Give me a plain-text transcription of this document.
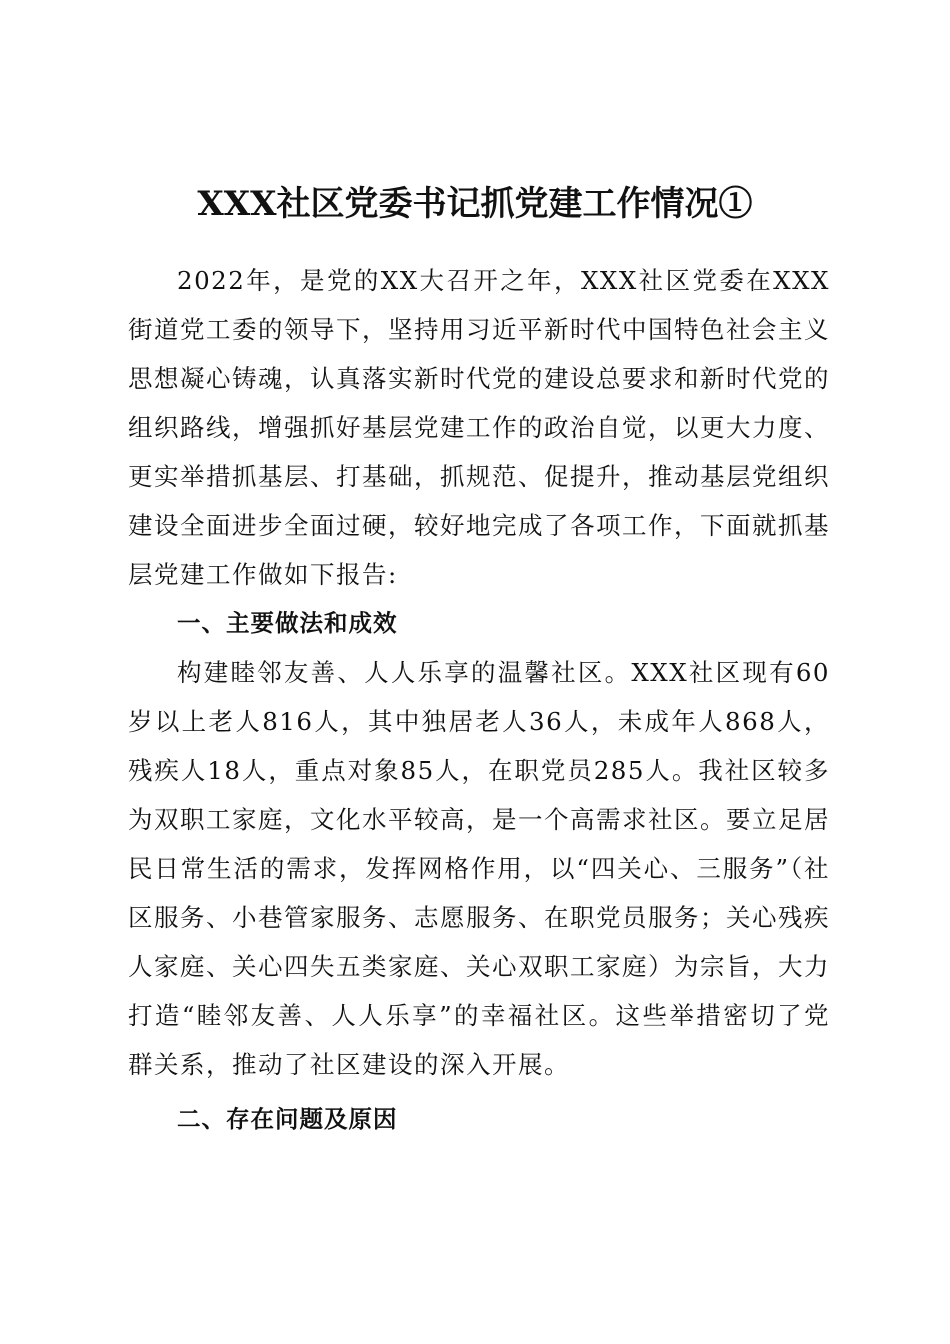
XXX社区党委书记抓党建工作情况①

2022年，是党的XX大召开之年，XXX社区党委在XXX街道党工委的领导下，坚持用习近平新时代中国特色社会主义思想凝心铸魂，认真落实新时代党的建设总要求和新时代党的组织路线，增强抓好基层党建工作的政治自觉，以更大力度、更实举措抓基层、打基础，抓规范、促提升，推动基层党组织建设全面进步全面过硬，较好地完成了各项工作，下面就抓基层党建工作做如下报告:

一、主要做法和成效

构建睦邻友善、人人乐享的温馨社区。XXX社区现有60岁以上老人816人，其中独居老人36人，未成年人868人，残疾人18人，重点对象85人，在职党员285人。我社区较多为双职工家庭，文化水平较高，是一个高需求社区。要立足居民日常生活的需求，发挥网格作用，以“四关心、三服务”（社区服务、小巷管家服务、志愿服务、在职党员服务；关心残疾人家庭、关心四失五类家庭、关心双职工家庭）为宗旨，大力打造“睦邻友善、人人乐享”的幸福社区。这些举措密切了党群关系，推动了社区建设的深入开展。

二、存在问题及原因
